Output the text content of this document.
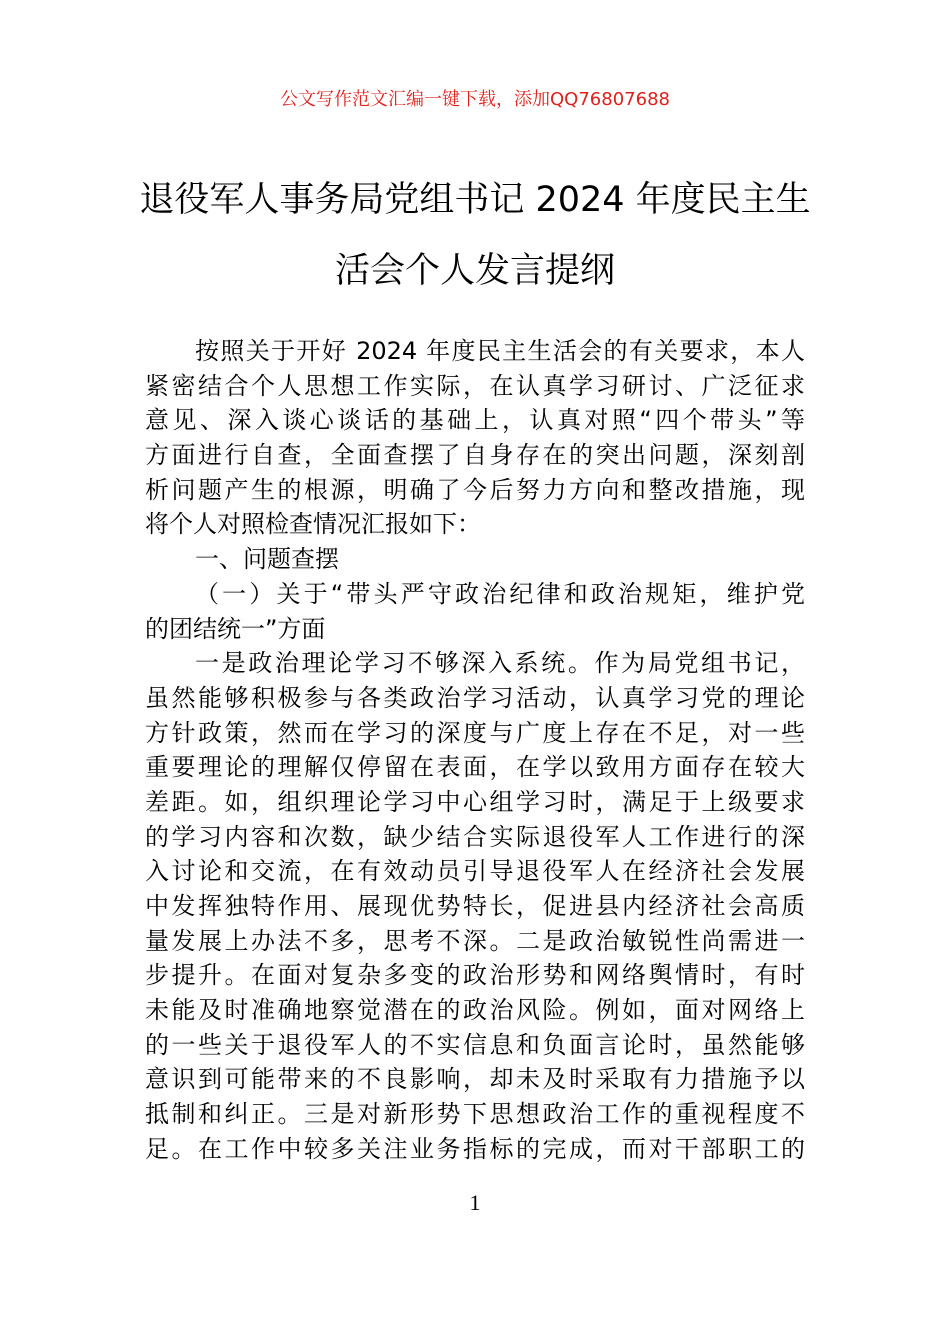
公文写作范文汇编一键下载，添加QQ76807688
退役军人事务局党组书记 2024 年度民主生
活会个人发言提纲
按照关于开好 2024 年度民主生活会的有关要求，本人
紧密结合个人思想工作实际，在认真学习研讨、广泛征求
意见、深入谈心谈话的基础上，认真对照“四个带头”等
方面进行自查，全面查摆了自身存在的突出问题，深刻剖
析问题产生的根源，明确了今后努力方向和整改措施，现
将个人对照检查情况汇报如下：
一、问题查摆
（一）关于“带头严守政治纪律和政治规矩，维护党
的团结统一”方面
一是政治理论学习不够深入系统。作为局党组书记，
虽然能够积极参与各类政治学习活动，认真学习党的理论
方针政策，然而在学习的深度与广度上存在不足，对一些
重要理论的理解仅停留在表面，在学以致用方面存在较大
差距。如，组织理论学习中心组学习时，满足于上级要求
的学习内容和次数，缺少结合实际退役军人工作进行的深
入讨论和交流，在有效动员引导退役军人在经济社会发展
中发挥独特作用、展现优势特长，促进县内经济社会高质
量发展上办法不多，思考不深。二是政治敏锐性尚需进一
步提升。在面对复杂多变的政治形势和网络舆情时，有时
未能及时准确地察觉潜在的政治风险。例如，面对网络上
的一些关于退役军人的不实信息和负面言论时，虽然能够
意识到可能带来的不良影响，却未及时采取有力措施予以
抵制和纠正。三是对新形势下思想政治工作的重视程度不
足。在工作中较多关注业务指标的完成，而对干部职工的
1
